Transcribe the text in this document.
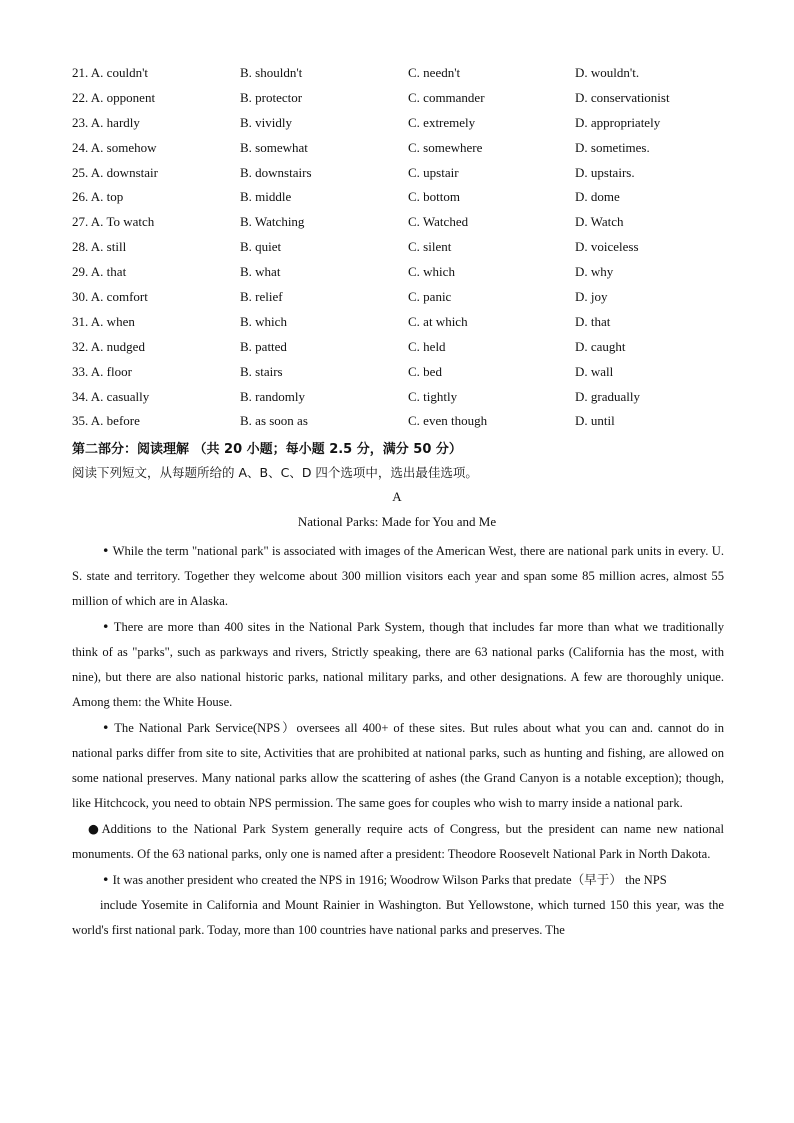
21. A. couldn't	B. shouldn't	C. needn't	D. wouldn't.
22. A. opponent	B. protector	C. commander	D. conservationist
23. A. hardly	B. vividly	C. extremely	D. appropriately
24. A. somehow	B. somewhat	C. somewhere	D. sometimes.
25. A. downstair	B. downstairs	C. upstair	D. upstairs.
26. A. top	B. middle	C. bottom	D. dome
27. A. To watch	B. Watching	C. Watched	D. Watch
28. A. still	B. quiet	C. silent	D. voiceless
29. A. that	B. what	C. which	D. why
30. A. comfort	B. relief	C. panic	D. joy
31. A. when	B. which	C. at which	D. that
32. A. nudged	B. patted	C. held	D. caught
33. A. floor	B. stairs	C. bed	D. wall
34. A. casually	B. randomly	C. tightly	D. gradually
35. A. before	B. as soon as	C. even though	D. until
第二部分：阅读理解 （共 20 小题；每小题 2.5 分，满分 50 分）
阅读下列短文，从每题所给的 A、B、C、D 四个选项中，选出最佳选项。
A
National Parks: Made for You and Me

• While the term "national park" is associated with images of the American West, there are national park units in every. U. S. state and territory. Together they welcome about 300 million visitors each year and span some 85 million acres, almost 55 million of which are in Alaska.

• There are more than 400 sites in the National Park System, though that includes far more than what we traditionally think of as "parks", such as parkways and rivers, Strictly speaking, there are 63 national parks (California has the most, with nine), but there are also national historic parks, national military parks, and other designations. A few are thoroughly unique. Among them: the White House.

• The National Park Service(NPS）oversees all 400+ of these sites. But rules about what you can and. cannot do in national parks differ from site to site, Activities that are prohibited at national parks, such as hunting and fishing, are allowed on some national preserves. Many national parks allow the scattering of ashes (the Grand Canyon is a notable exception); though, like Hitchcock, you need to obtain NPS permission. The same goes for couples who wish to marry inside a national park.

●Additions to the National Park System generally require acts of Congress, but the president can name new national monuments. Of the 63 national parks, only one is named after a president: Theodore Roosevelt National Park in North Dakota.

• It was another president who created the NPS in 1916; Woodrow Wilson Parks that predate（早于） the NPS

include Yosemite in California and Mount Rainier in Washington. But Yellowstone, which turned 150 this year, was the world's first national park. Today, more than 100 countries have national parks and preserves. The
